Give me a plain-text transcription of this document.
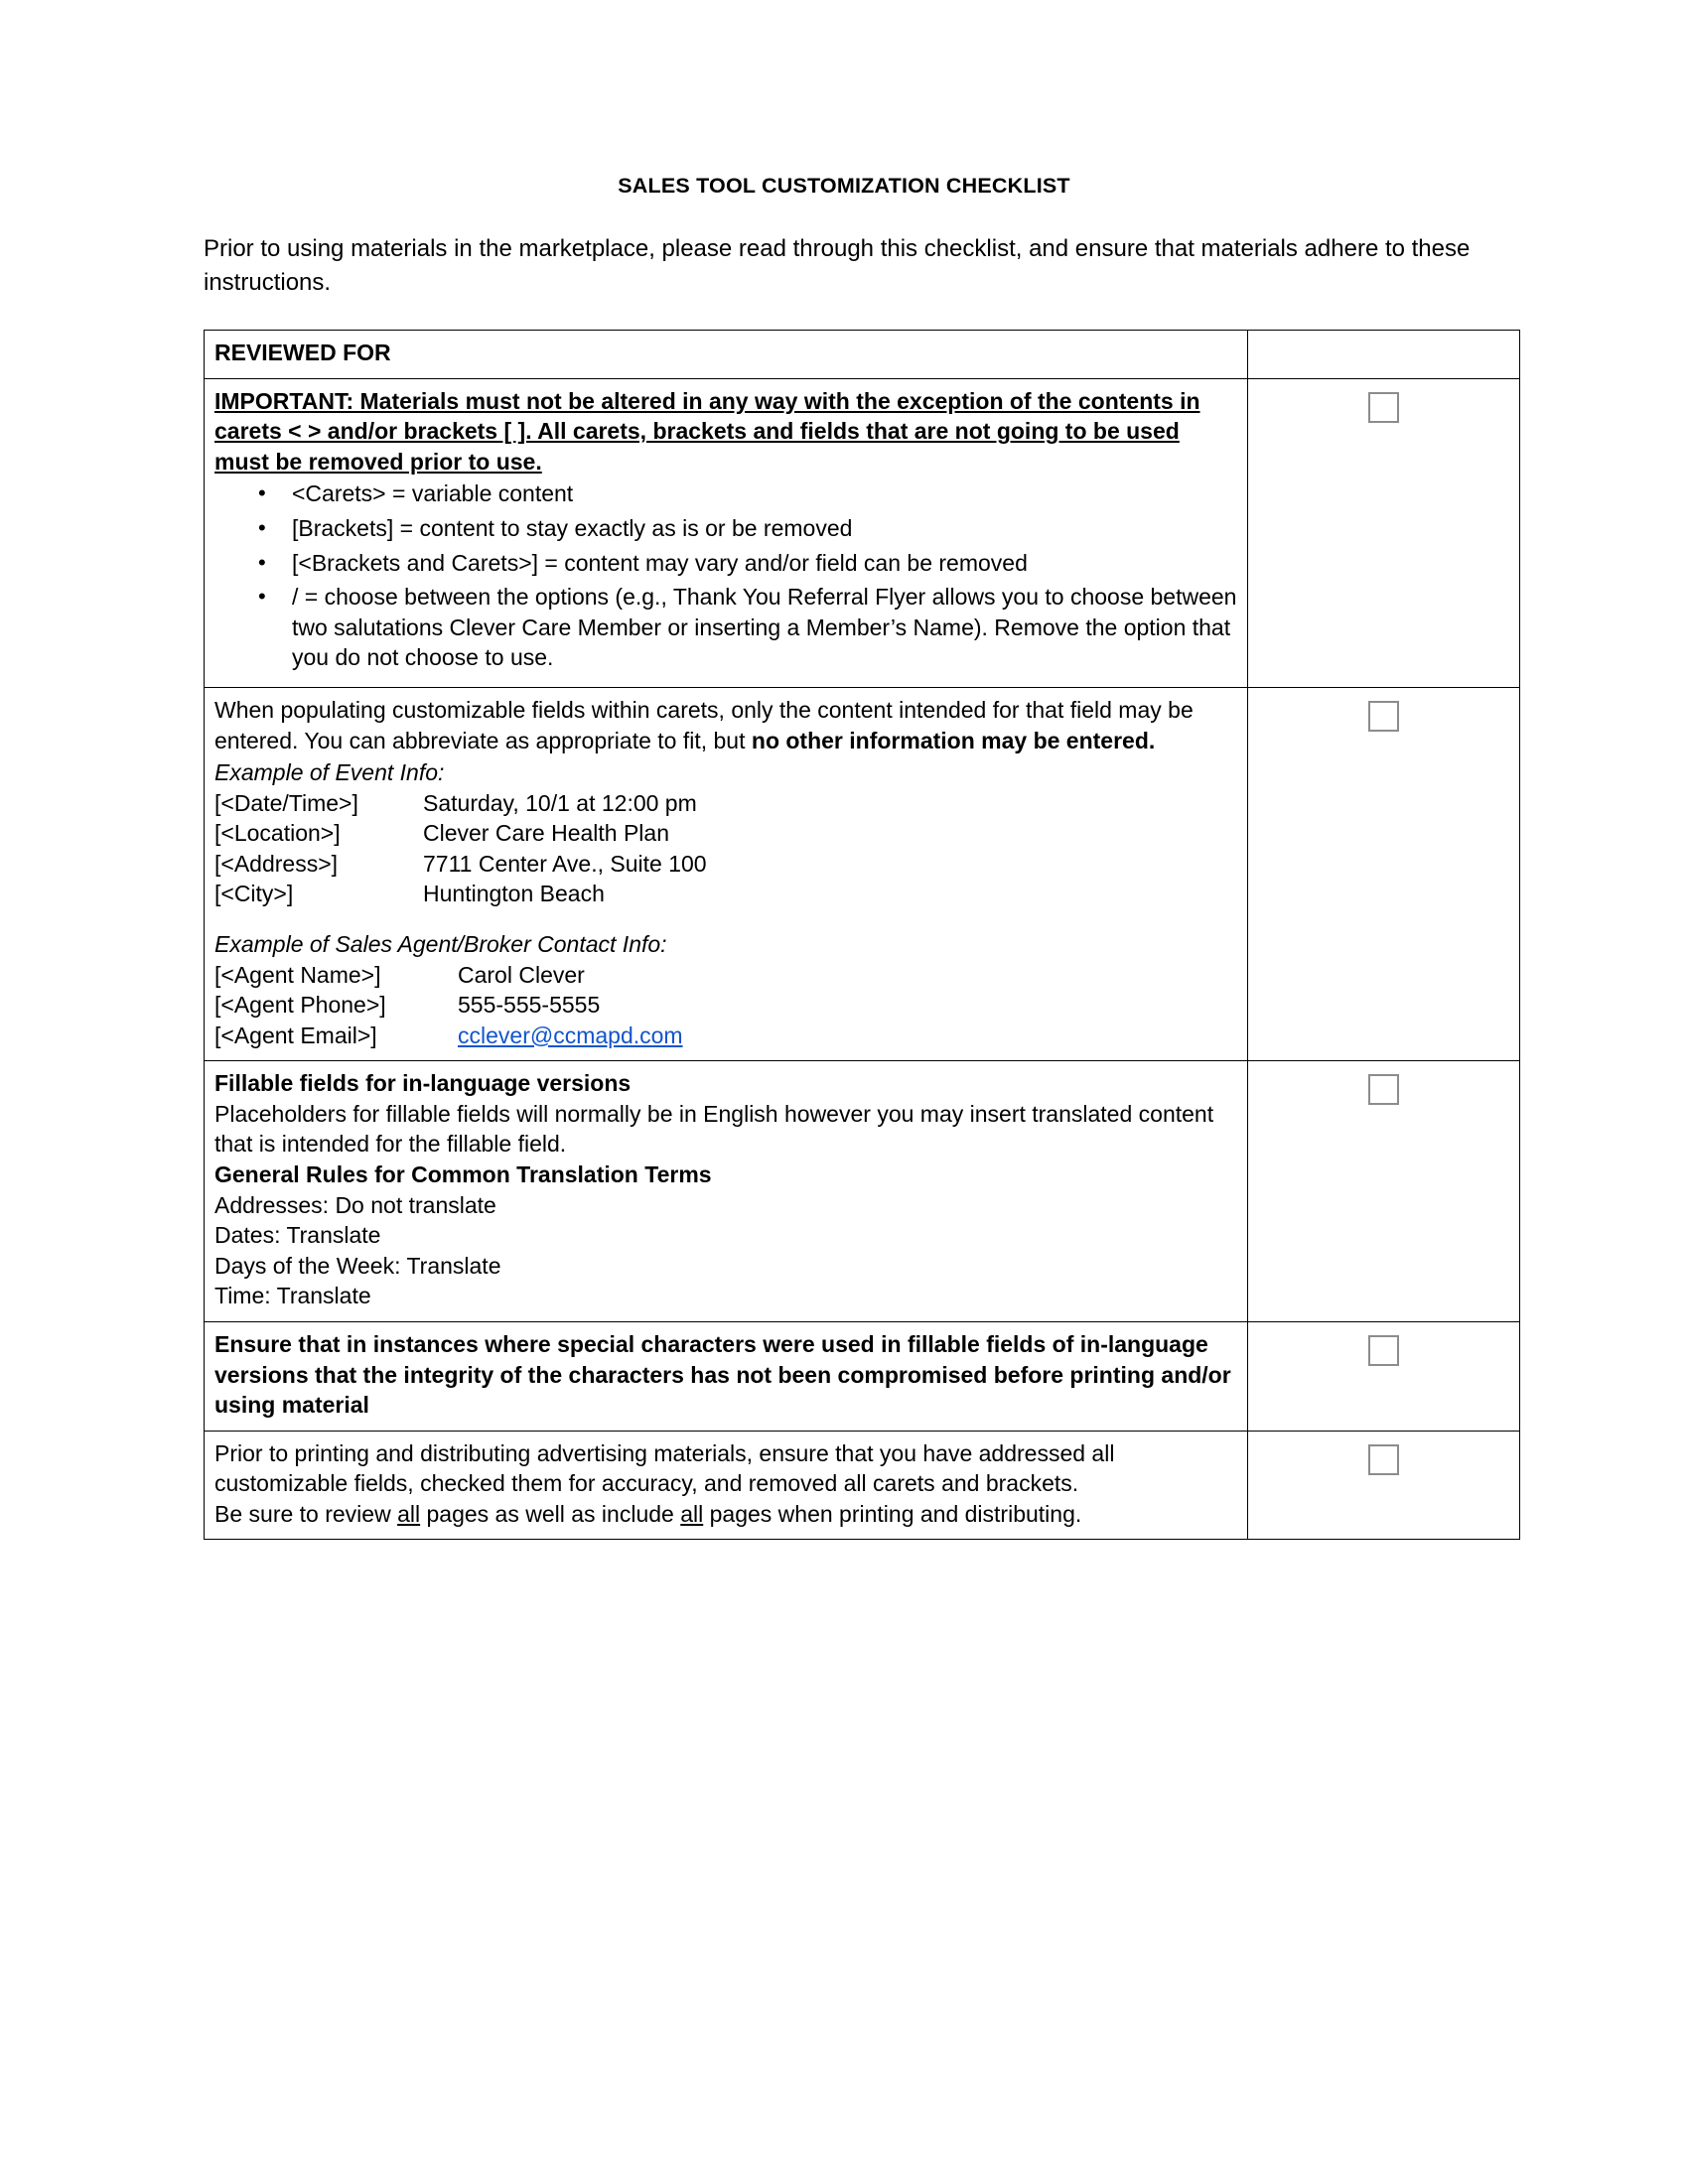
SALES TOOL CUSTOMIZATION CHECKLIST

Prior to using materials in the marketplace, please read through this checklist, and ensure that materials adhere to these instructions.

REVIEWED FOR	

IMPORTANT: Materials must not be altered in any way with the exception of the contents in carets < > and/or brackets [ ]. All carets, brackets and fields that are not going to be used must be removed prior to use.

• <Carets> = variable content
• [Brackets] = content to stay exactly as is or be removed
• [<Brackets and Carets>] = content may vary and/or field can be removed
• / = choose between the options (e.g., Thank You Referral Flyer allows you to choose between two salutations Clever Care Member or inserting a Member’s Name). Remove the option that you do not choose to use.

When populating customizable fields within carets, only the content intended for that field may be entered. You can abbreviate as appropriate to fit, but no other information may be entered.

Example of Event Info:

[<Date/Time>]	Saturday, 10/1 at 12:00 pm
[<Location>]	Clever Care Health Plan
[<Address>]	7711 Center Ave., Suite 100
[<City>]	Huntington Beach

Example of Sales Agent/Broker Contact Info:

[<Agent Name>]	Carol Clever
[<Agent Phone>]	555-555-5555
[<Agent Email>]	cclever@ccmapd.com

Fillable fields for in-language versions

Placeholders for fillable fields will normally be in English however you may insert translated content that is intended for the fillable field.

General Rules for Common Translation Terms

Addresses: Do not translate

Dates: Translate

Days of the Week: Translate

Time: Translate

Ensure that in instances where special characters were used in fillable fields of in-language versions that the integrity of the characters has not been compromised before printing and/or using material	

Prior to printing and distributing advertising materials, ensure that you have addressed all customizable fields, checked them for accuracy, and removed all carets and brackets.

Be sure to review all pages as well as include all pages when printing and distributing.	
